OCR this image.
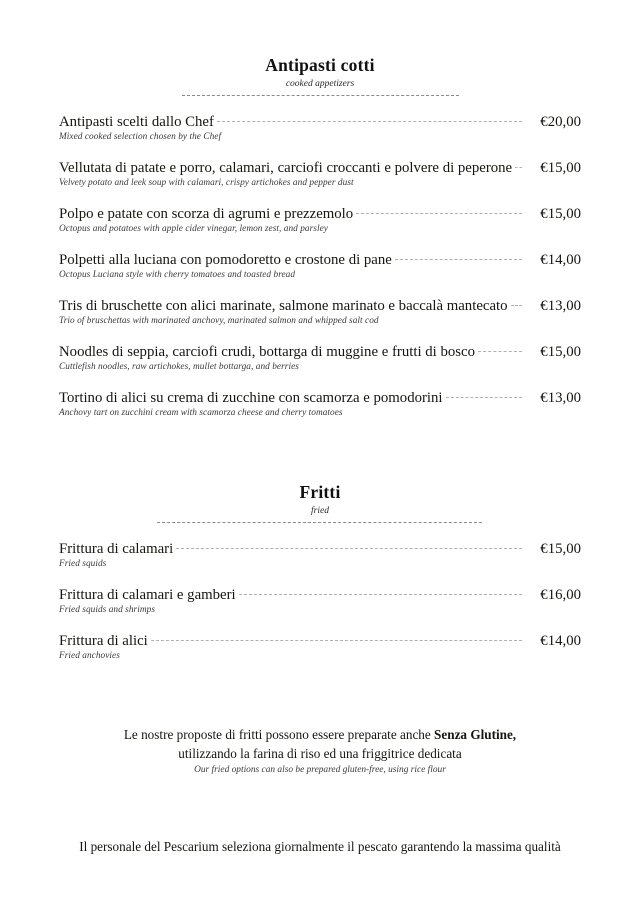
Antipasti cotti
cooked appetizers
Antipasti scelti dallo Chef	€20,00
Mixed cooked selection chosen by the Chef
Vellutata di patate e porro, calamari, carciofi croccanti e polvere di peperone	€15,00
Velvety potato and leek soup with calamari, crispy artichokes and pepper dust
Polpo e patate con scorza di agrumi e prezzemolo	€15,00
Octopus and potatoes with apple cider vinegar, lemon zest, and parsley
Polpetti alla luciana con pomodoretto e crostone di pane	€14,00
Octopus Luciana style with cherry tomatoes and toasted bread
Tris di bruschette con alici marinate, salmone marinato e baccalà mantecato	€13,00
Trio of bruschettas with marinated anchovy, marinated salmon and whipped salt cod
Noodles di seppia, carciofi crudi, bottarga di muggine e frutti di bosco	€15,00
Cuttlefish noodles, raw artichokes, mullet bottarga, and berries
Tortino di alici su crema di zucchine con scamorza e pomodorini	€13,00
Anchovy tart on zucchini cream with scamorza cheese and cherry tomatoes
Fritti
fried
Frittura di calamari	€15,00
Fried squids
Frittura di calamari e gamberi	€16,00
Fried squids and shrimps
Frittura di alici	€14,00
Fried anchovies
Le nostre proposte di fritti possono essere preparate anche Senza Glutine,
utilizzando la farina di riso ed una friggitrice dedicata
Our fried options can also be prepared gluten-free, using rice flour
Il personale del Pescarium seleziona giornalmente il pescato garantendo la massima qualità
